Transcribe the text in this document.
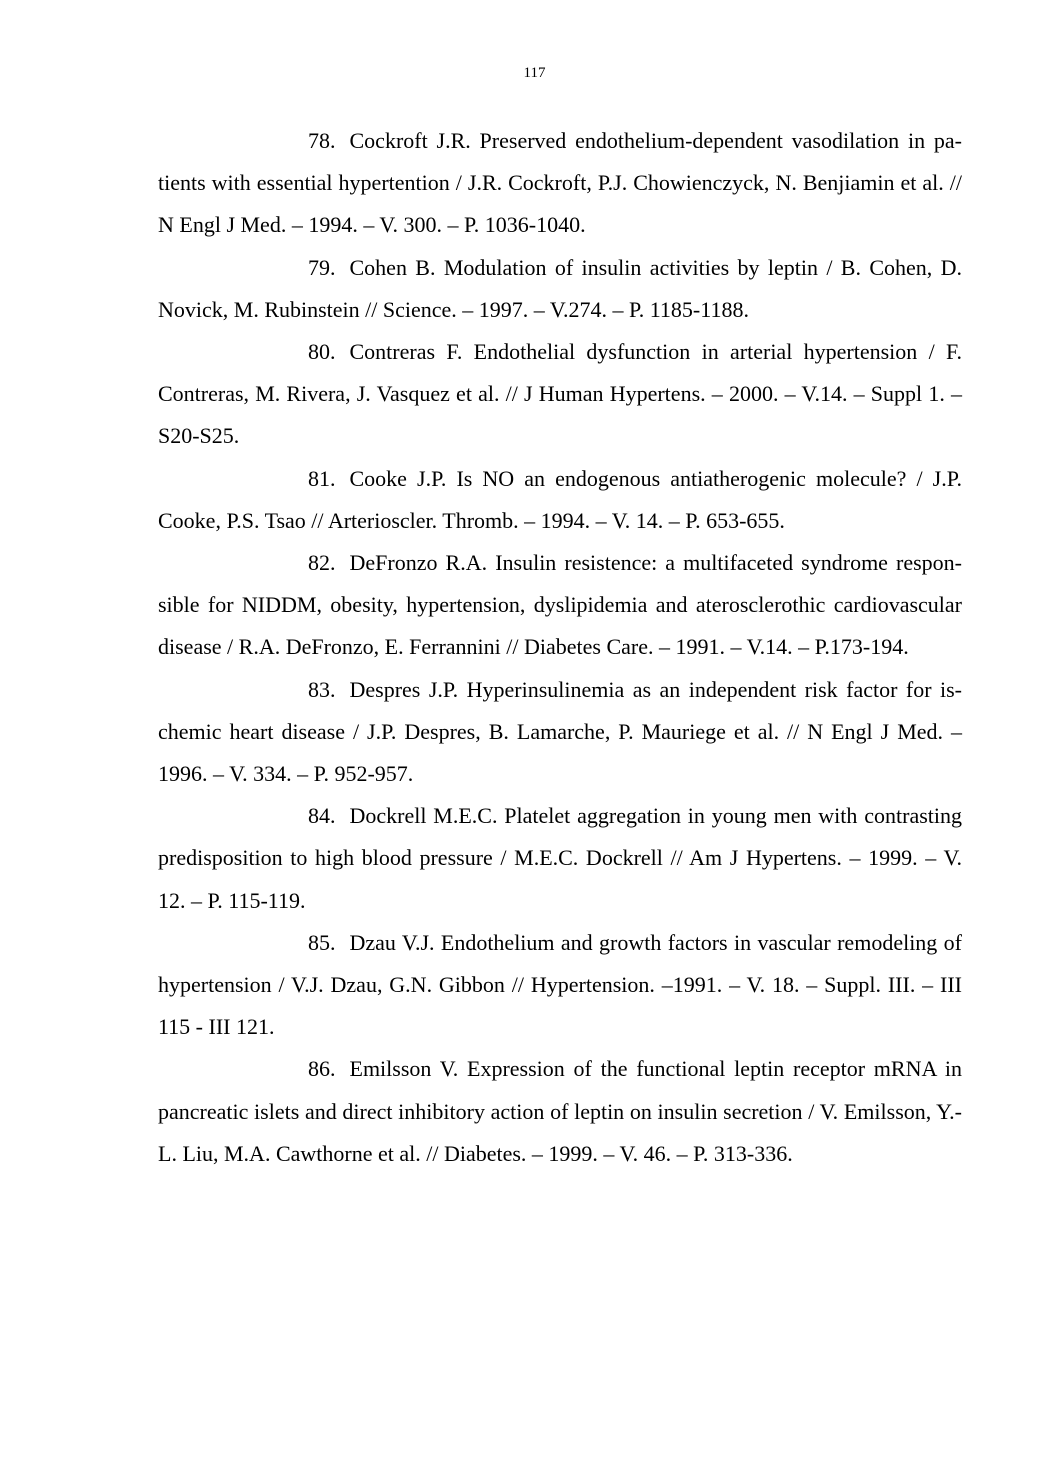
117

78. Cockroft J.R. Preserved endothelium-dependent vasodilation in patients with essential hypertention / J.R. Cockroft, P.J. Chowienczyck, N. Benjiamin et al. // N Engl J Med. – 1994. – V. 300. – P. 1036-1040.

79. Cohen B. Modulation of insulin activities by leptin / B. Cohen, D. Novick, M. Rubinstein // Science. – 1997. – V.274. – P. 1185-1188.

80. Contreras F. Endothelial dysfunction in arterial hypertension / F. Contreras, M. Rivera, J. Vasquez et al. // J Human Hypertens. – 2000. – V.14. – Suppl 1. – S20-S25.

81. Cooke J.P. Is NO an endogenous antiatherogenic molecule? / J.P. Cooke, P.S. Tsao // Arterioscler. Thromb. – 1994. – V. 14. – P. 653-655.

82. DeFronzo R.A. Insulin resistence: a multifaceted syndrome responsible for NIDDM, obesity, hypertension, dyslipidemia and aterosclerothic cardiovascular disease / R.A. DeFronzo, E. Ferrannini // Diabetes Care. – 1991. – V.14. – P.173-194.

83. Despres J.P. Hyperinsulinemia as an independent risk factor for ischemic heart disease / J.P. Despres, B. Lamarche, P. Mauriege et al. // N Engl J Med. – 1996. – V. 334. – P. 952-957.

84. Dockrell M.E.C. Platelet aggregation in young men with contrasting predisposition to high blood pressure / M.E.C. Dockrell // Am J Hypertens. – 1999. – V. 12. – P. 115-119.

85. Dzau V.J. Endothelium and growth factors in vascular remodeling of hypertension / V.J. Dzau, G.N. Gibbon // Hypertension. –1991. – V. 18. – Suppl. III. – III 115 - III 121.

86. Emilsson V. Expression of the functional leptin receptor mRNA in pancreatic islets and direct inhibitory action of leptin on insulin secretion / V. Emilsson, Y.-L. Liu, M.A. Cawthorne et al. // Diabetes. – 1999. – V. 46. – P. 313-336.
